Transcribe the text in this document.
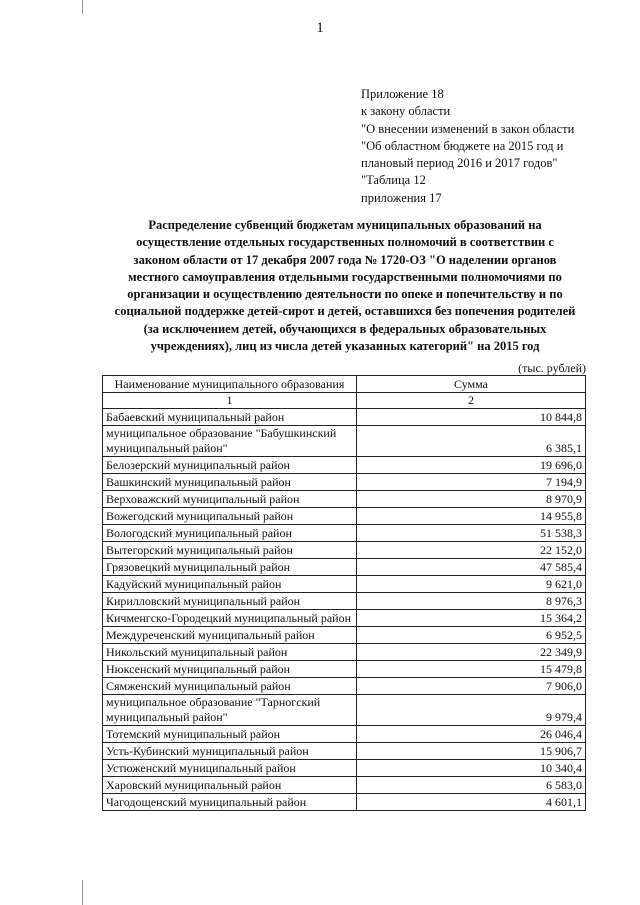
1
Приложение 18
к закону области
"О внесении изменений в закон области
"Об областном бюджете на 2015 год и
плановый период 2016 и 2017 годов"
"Таблица 12
приложения 17
Распределение субвенций бюджетам муниципальных образований на
осуществление отдельных государственных полномочий в соответствии с
законом области от 17 декабря 2007 года № 1720-ОЗ "О наделении органов
местного самоуправления отдельными государственными полномочиями по
организации и осуществлению деятельности по опеке и попечительству и по
социальной поддержке детей-сирот и детей, оставшихся без попечения родителей
(за исключением детей, обучающихся в федеральных образовательных
учреждениях), лиц из числа детей указанных категорий" на 2015 год
(тыс. рублей)
Наименование муниципального образования	Сумма
1	2
Бабаевский муниципальный район	10 844,8
муниципальное образование "Бабушкинский муниципальный район"	6 385,1
Белозерский муниципальный район	19 696,0
Вашкинский муниципальный район	7 194,9
Верховажский муниципальный район	8 970,9
Вожегодский муниципальный район	14 955,8
Вологодский муниципальный район	51 538,3
Вытегорский муниципальный район	22 152,0
Грязовецкий муниципальный район	47 585,4
Кадуйский муниципальный район	9 621,0
Кирилловский муниципальный район	8 976,3
Кичменгско-Городецкий муниципальный район	15 364,2
Междуреченский муниципальный район	6 952,5
Никольский муниципальный район	22 349,9
Нюксенский муниципальный район	15 479,8
Сямженский муниципальный район	7 906,0
муниципальное образование "Тарногский муниципальный район"	9 979,4
Тотемский муниципальный район	26 046,4
Усть-Кубинский муниципальный район	15 906,7
Устюженский муниципальный район	10 340,4
Харовский муниципальный район	6 583,0
Чагодощенский муниципальный район	4 601,1
